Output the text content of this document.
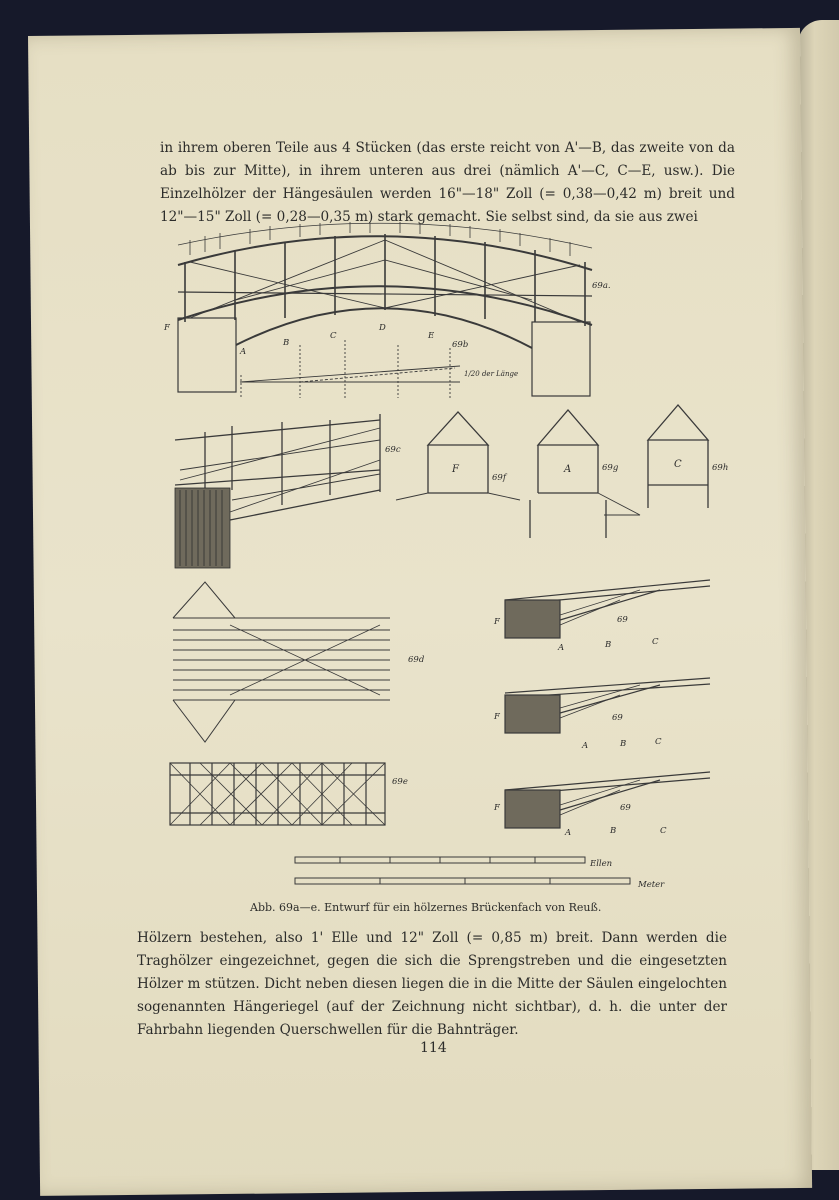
in ihrem oberen Teile aus 4 Stücken (das erste reicht von A'—B, das zweite von da ab bis zur Mitte), in ihrem unteren aus drei (nämlich A'—C, C—E, usw.). Die Einzelhölzer der Hängesäulen werden 16"—18" Zoll (= 0,38—0,42 m) breit und 12"—15" Zoll (= 0,28—0,35 m) stark gemacht. Sie selbst sind, da sie aus zwei
69a.
F
A
B
C
D
E
69b
1/20 der Länge
69c
F
69f
A	69g	C	69h
69d
69e
F	69
A	B	C
F	69
A	B	C
F	69
A	B	C
Ellen
Meter
Abb. 69a—e. Entwurf für ein hölzernes Brückenfach von Reuß.
Hölzern bestehen, also 1' Elle und 12" Zoll (= 0,85 m) breit. Dann werden die Traghölzer eingezeichnet, gegen die sich die Sprengstreben und die eingesetzten Hölzer m stützen. Dicht neben diesen liegen die in die Mitte der Säulen eingelochten sogenannten Hängeriegel (auf der Zeichnung nicht sichtbar), d. h. die unter der Fahrbahn liegenden Querschwellen für die Bahnträger.
114
